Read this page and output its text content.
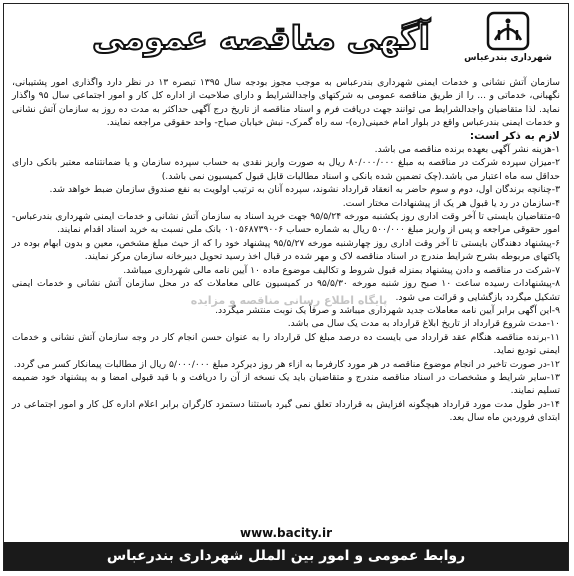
آگهی مناقصه عمومی
شهرداری بندرعباس

سازمان آتش نشانی و خدمات ایمنی شهرداری بندرعباس به موجب مجوز بودجه سال ۱۳۹۵ تبصره ۱۳ در نظر دارد واگذاری امور پشتیبانی، نگهبانی، خدماتی و ... را از طریق مناقصه عمومی به شرکتهای واجدالشرایط و دارای صلاحیت از اداره کل کار و امور اجتماعی سال ۹۵ واگذار نماید. لذا متقاضیان واجدالشرایط می توانند جهت دریافت فرم و اسناد مناقصه از تاریخ درج آگهی حداکثر به مدت ده روز به سازمان آتش نشانی و خدمات ایمنی بندرعباس واقع در بلوار امام خمینی(ره)- سه راه گمرک- نبش خیابان صباح- واحد حقوقی مراجعه نمایند.

لازم به ذکر است:

۱-هزینه نشر آگهی بعهده برنده مناقصه می باشد.

۲-میزان سپرده شرکت در مناقصه به مبلغ ۸۰/۰۰۰/۰۰۰ ریال به صورت واریز نقدی به حساب سپرده سازمان و یا ضمانتنامه معتبر بانکی دارای حداقل سه ماه اعتبار می باشد.(چک تضمین شده بانکی و اسناد مطالبات قابل قبول کمیسیون نمی باشد.)

۳-چنانچه برندگان اول، دوم و سوم حاضر به انعقاد قرارداد نشوند، سپرده آنان به ترتیب اولویت به نفع صندوق سازمان ضبط خواهد شد.

۴-سازمان در رد یا قبول هر یک از پیشنهادات مختار است.

۵-متقاضیان بایستی تا آخر وقت اداری روز یکشنبه مورخه ۹۵/۵/۲۴ جهت خرید اسناد به سازمان آتش نشانی و خدمات ایمنی شهرداری بندرعباس- امور حقوقی مراجعه و پس از واریز مبلغ ۵۰۰/۰۰۰ ریال به شماره حساب ۰۱۰۵۶۸۷۳۹۰۰۶ بانک ملی نسبت به خرید اسناد اقدام نمایند.

۶-پیشنهاد دهندگان بایستی تا آخر وقت اداری روز چهارشنبه مورخه ۹۵/۵/۲۷ پیشنهاد خود را که از حیث مبلغ مشخص، معین و بدون ابهام بوده در پاکتهای مربوطه بشرح شرایط مندرج در اسناد مناقصه لاک و مهر شده در قبال اخذ رسید تحویل دبیرخانه سازمان مرکز نمایند.

۷-شرکت در مناقصه و دادن پیشنهاد بمنزله قبول شروط و تکالیف موضوع ماده ۱۰ آیین نامه مالی شهرداری میباشد.

۸-پیشنهادات رسیده ساعت ۱۰ صبح روز شنبه مورخه ۹۵/۵/۳۰ در کمیسیون عالی معاملات که در محل سازمان آتش نشانی و خدمات ایمنی تشکیل میگردد بازگشایی و قرائت می شود.

۹-این آگهی برابر آیین نامه معاملات جدید شهرداری میباشد و صرفاً یک نوبت منتشر میگردد.

۱۰-مدت شروع قرارداد از تاریخ ابلاغ قرارداد به مدت یک سال می باشد.

۱۱-برنده مناقصه هنگام عقد قرارداد می بایست ده درصد مبلغ کل قرارداد را به عنوان حسن انجام کار در وجه سازمان آتش نشانی و خدمات ایمنی تودیع نماید.

۱۲-در صورت تاخیر در انجام موضوع مناقصه در هر مورد کارفرما به ازاء هر روز دیرکرد مبلغ ۵/۰۰۰/۰۰۰ ریال از مطالبات پیمانکار کسر می گردد.

۱۳-سایر شرایط و مشخصات در اسناد مناقصه مندرج و متقاضیان باید یک نسخه از آن را دریافت و با قید قبولی امضا و به پیشنهاد خود ضمیمه تسلیم نمایند.

۱۴-در طول مدت مورد قرارداد هیچگونه افزایش به قرارداد تعلق نمی گیرد باستثنا دستمزد کارگران برابر اعلام اداره کل کار و امور اجتماعی در ابتدای فروردین ماه سال بعد.

پایگاه اطلاع رسانی مناقصه و مزایده
www.bacity.ir
روابط عمومی و امور بین الملل شهرداری بندرعباس
